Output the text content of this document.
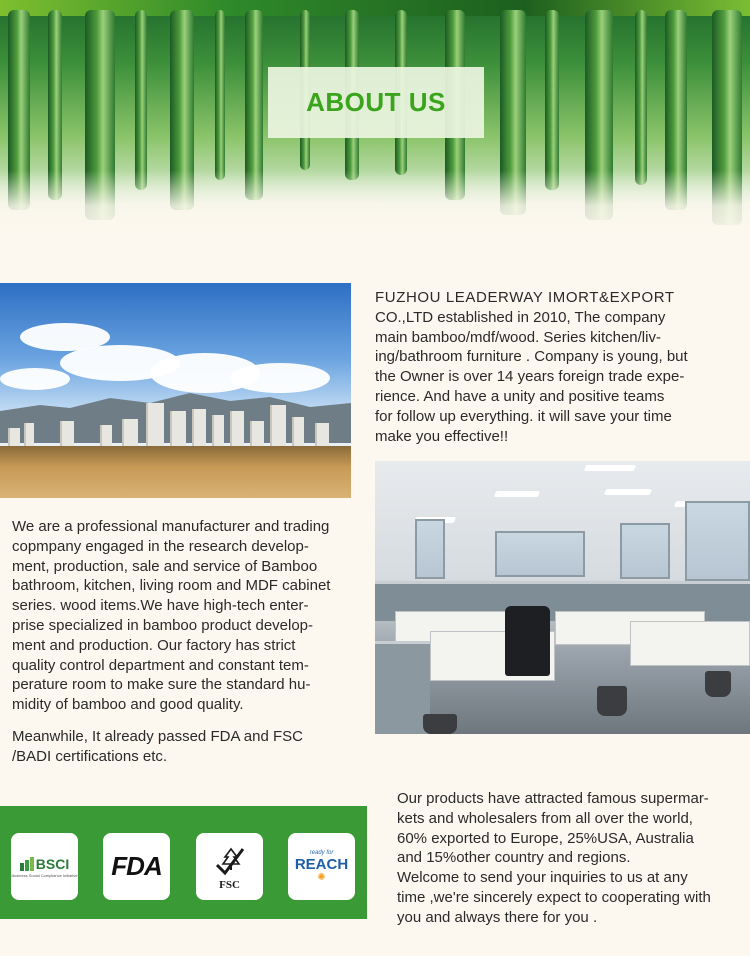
ABOUT US

FUZHOU LEADERWAY IMORT&EXPORT

CO.,LTD established in 2010, The company

main bamboo/mdf/wood. Series kitchen/liv-

ing/bathroom furniture . Company is young, but

the Owner is over 14 years foreign trade expe-

rience. And have a unity and positive teams

for follow up everything. it will save your time

make you effective!!

We are a professional manufacturer and trading

copmpany engaged in the research develop-

ment, production, sale and service of Bamboo

bathroom, kitchen, living room and MDF cabinet

series. wood items.We have high-tech enter-

prise specialized in bamboo product develop-

ment and production. Our factory has strict

quality control department and constant tem-

perature room to make sure the standard hu-

midity of bamboo and good quality.

Meanwhile, It already passed FDA and FSC

/BADI certifications etc.

BSCI
Business Social Compliance Initiative FDA
FSC
ready for
REACH
✺

Our products have attracted famous supermar-

kets and wholesalers from all over the world,

60% exported to Europe, 25%USA, Australia

and 15%other country and regions.

Welcome to send your inquiries to us at any

time ,we're sincerely expect to cooperating with

you and always there for you .
